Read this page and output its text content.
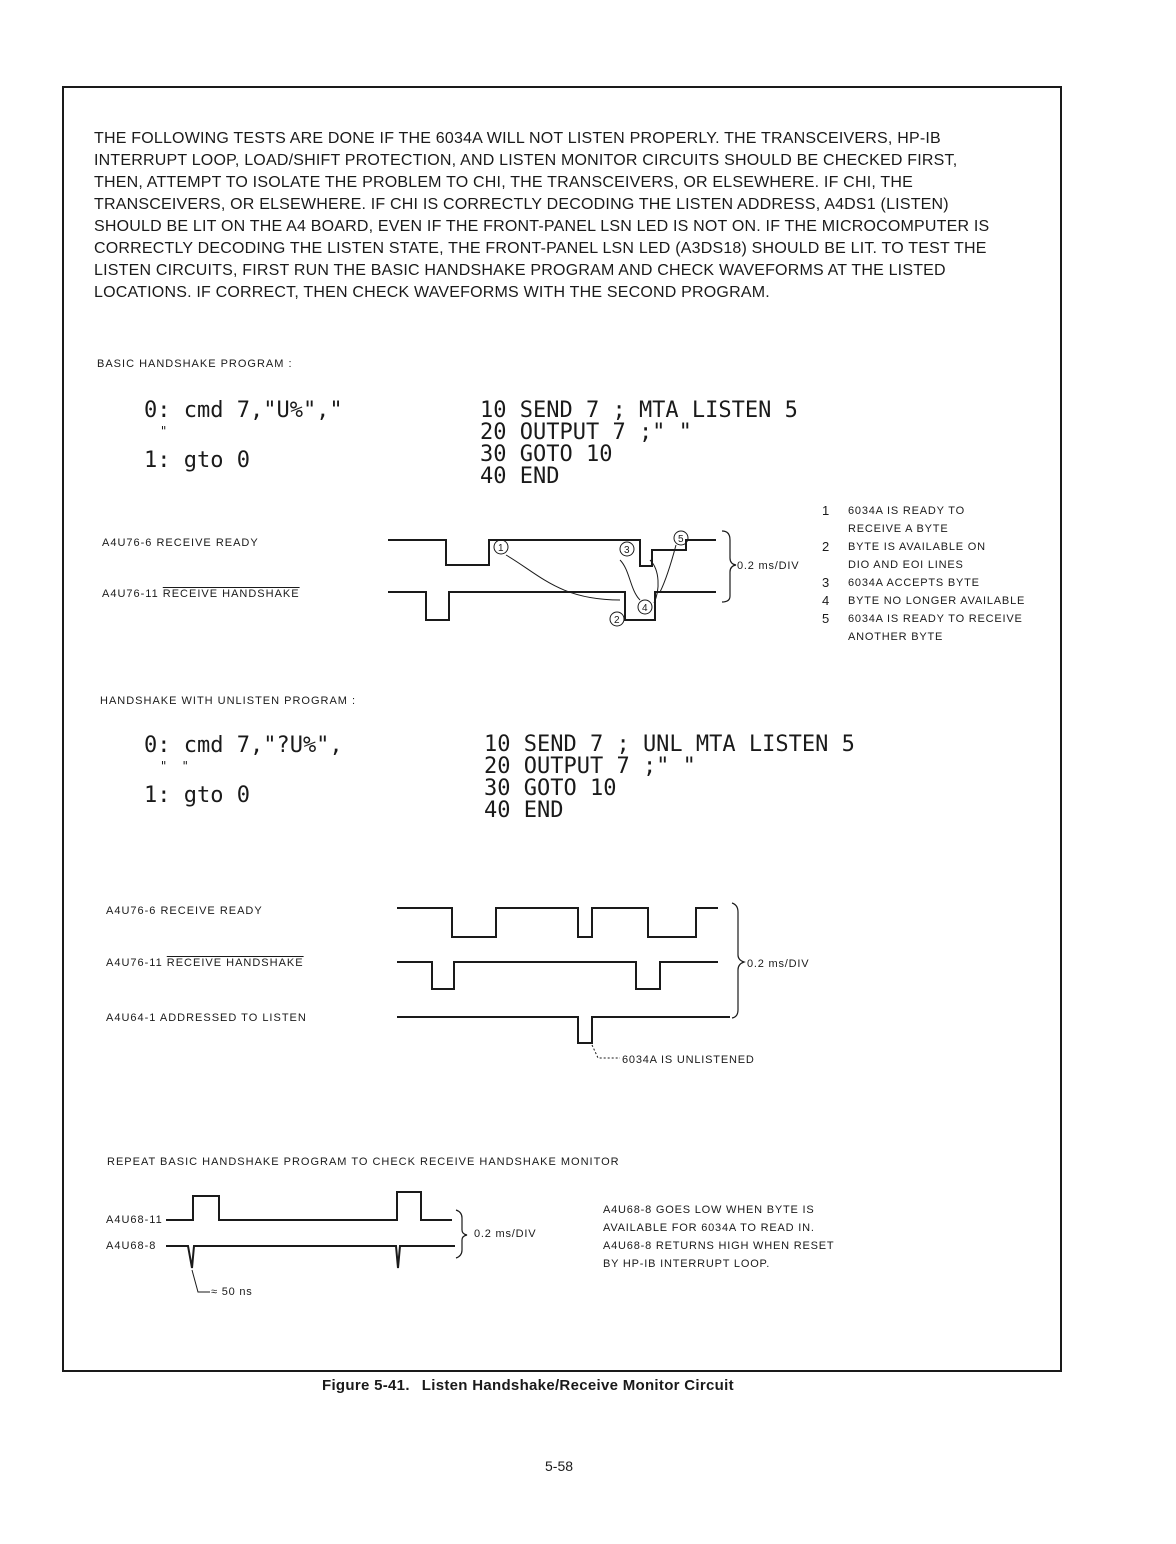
THE FOLLOWING TESTS ARE DONE IF THE 6034A WILL NOT LISTEN PROPERLY. THE TRANSCEIVERS, HP-IB INTERRUPT LOOP, LOAD/SHIFT PROTECTION, AND LISTEN MONITOR CIRCUITS SHOULD BE CHECKED FIRST, THEN, ATTEMPT TO ISOLATE THE PROBLEM TO CHI, THE TRANSCEIVERS, OR ELSEWHERE. IF CHI, THE TRANSCEIVERS, OR ELSEWHERE. IF CHI IS CORRECTLY DECODING THE LISTEN ADDRESS, A4DS1 (LISTEN) SHOULD BE LIT ON THE A4 BOARD, EVEN IF THE FRONT-PANEL LSN LED IS NOT ON. IF THE MICROCOMPUTER IS CORRECTLY DECODING THE LISTEN STATE, THE FRONT-PANEL LSN LED (A3DS18) SHOULD BE LIT. TO TEST THE LISTEN CIRCUITS, FIRST RUN THE BASIC HANDSHAKE PROGRAM AND CHECK WAVEFORMS AT THE LISTED LOCATIONS. IF CORRECT, THEN CHECK WAVEFORMS WITH THE SECOND PROGRAM.
BASIC HANDSHAKE PROGRAM :
0: cmd 7,"U%","
"
1: gto 0
10 SEND 7 ; MTA LISTEN 5
20 OUTPUT 7 ;" "
30 GOTO 10
40 END
A4U76-6 RECEIVE READY
A4U76-11 RECEIVE HANDSHAKE
0.2 ms/DIV
1	6034A IS READY TO
RECEIVE A BYTE
2	BYTE IS AVAILABLE ON
DIO AND EOI LINES
3	6034A ACCEPTS BYTE
4	BYTE NO LONGER AVAILABLE
5	6034A IS READY TO RECEIVE
ANOTHER BYTE
HANDSHAKE WITH UNLISTEN PROGRAM :
0: cmd 7,"?U%",
"  "
1: gto 0
10 SEND 7 ; UNL MTA LISTEN 5
20 OUTPUT 7 ;" "
30 GOTO 10
40 END
A4U76-6 RECEIVE READY
A4U76-11 RECEIVE HANDSHAKE
A4U64-1 ADDRESSED TO LISTEN
0.2 ms/DIV
6034A IS UNLISTENED
REPEAT BASIC HANDSHAKE PROGRAM TO CHECK RECEIVE HANDSHAKE MONITOR
A4U68-11
A4U68-8
0.2 ms/DIV
≈ 50 ns
A4U68-8 GOES LOW WHEN BYTE IS
AVAILABLE FOR 6034A TO READ IN.
A4U68-8 RETURNS HIGH WHEN RESET
BY HP-IB INTERRUPT LOOP.
1
2
3
4
5
Figure 5-41. Listen Handshake/Receive Monitor Circuit
5-58
